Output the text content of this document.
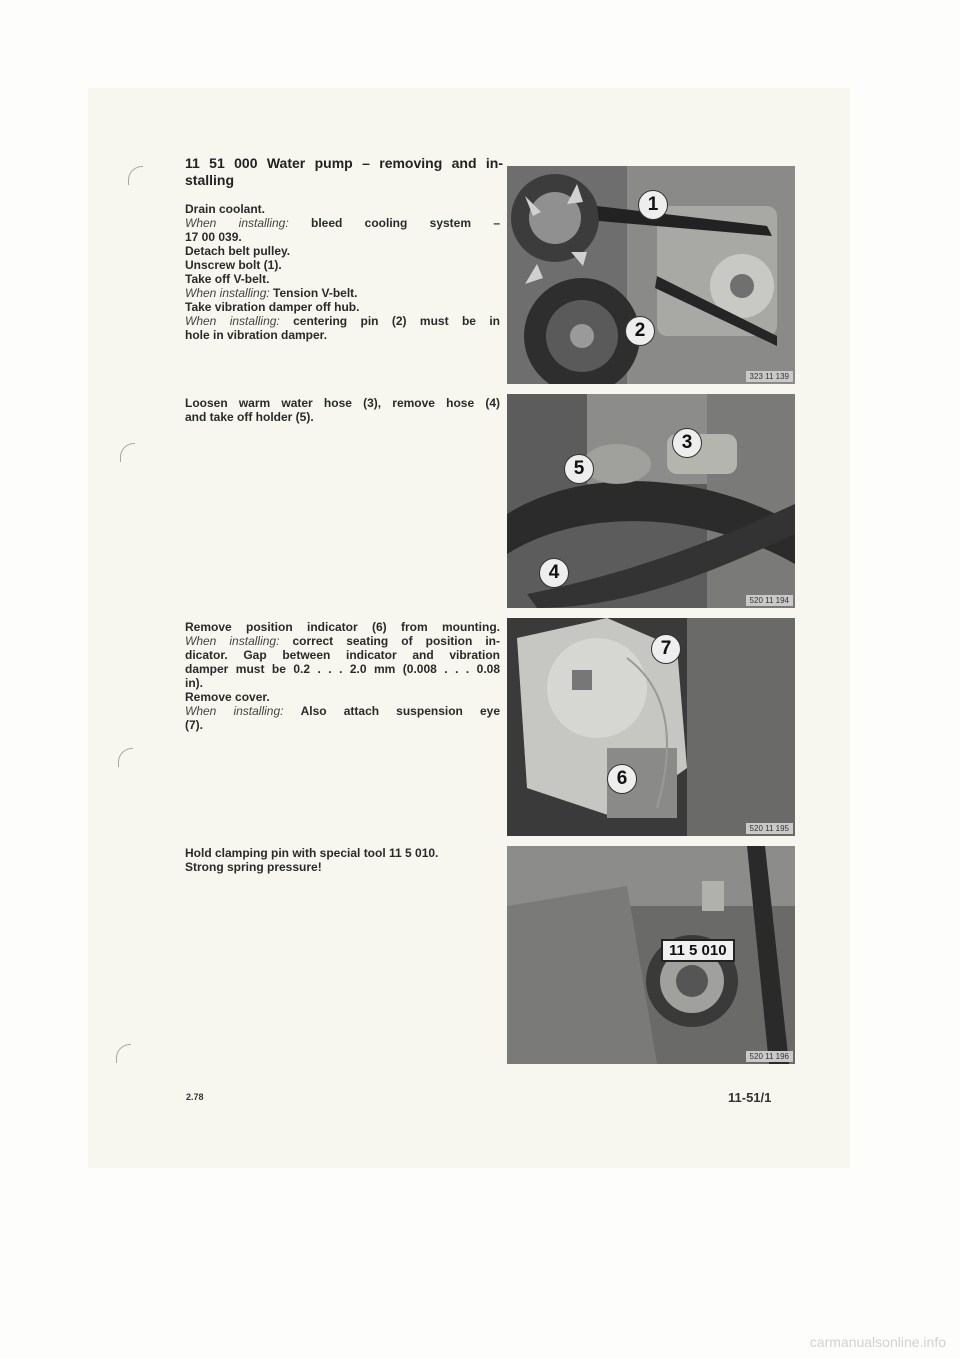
11 51 000 Water pump – removing and in-
stalling
Drain coolant.
When installing: bleed cooling system –
17 00 039.
Detach belt pulley.
Unscrew bolt (1).
Take off V-belt.
When installing: Tension V-belt.
Take vibration damper off hub.
When installing: centering pin (2) must be in
hole in vibration damper.
Loosen warm water hose (3), remove hose (4)
and take off holder (5).
Remove position indicator (6) from mounting.
When installing: correct seating of position in-
dicator. Gap between indicator and vibration
damper must be 0.2 . . . 2.0 mm (0.008 . . . 0.08
in).
Remove cover.
When installing: Also attach suspension eye
(7).
Hold clamping pin with special tool 11 5 010.
Strong spring pressure!
1
2
323 11 139
3
4
5
520 11 194
6
7
520 11 195
11 5 010
520 11 196
2.78	11-51/1
carmanualsonline.info
